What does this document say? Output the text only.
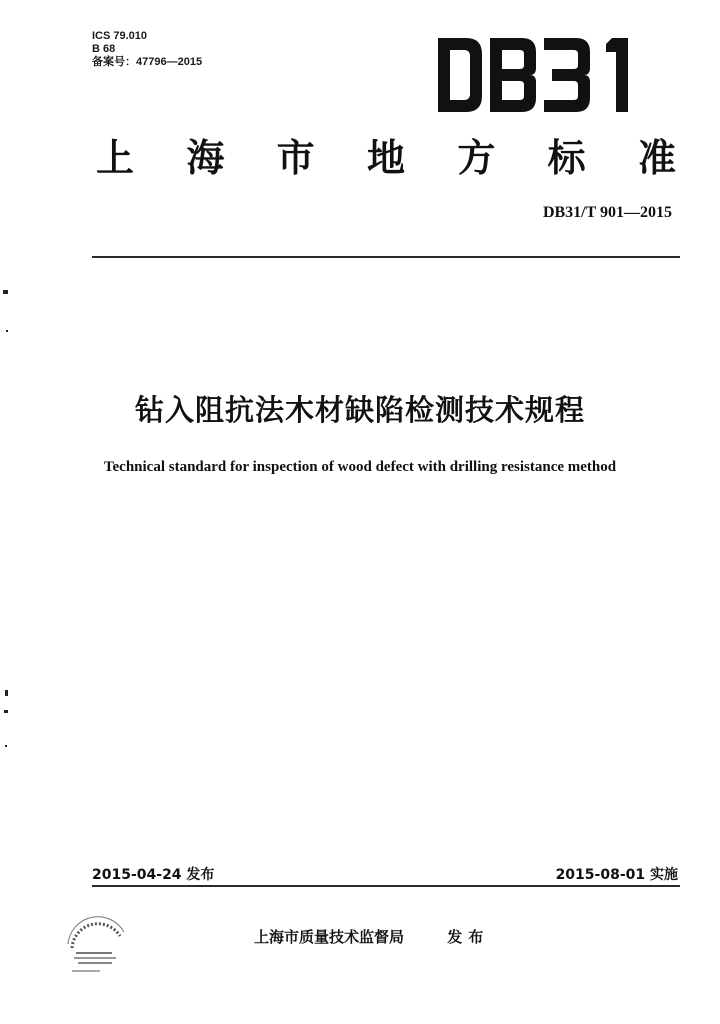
ICS 79.010
B 68
备案号：47796—2015
上 海 市 地 方 标 准
DB31/T 901—2015
钻入阻抗法木材缺陷检测技术规程
Technical standard for inspection of wood defect with drilling resistance method
2015-04-24 发布	2015-08-01 实施
上海市质量技术监督局	发布
